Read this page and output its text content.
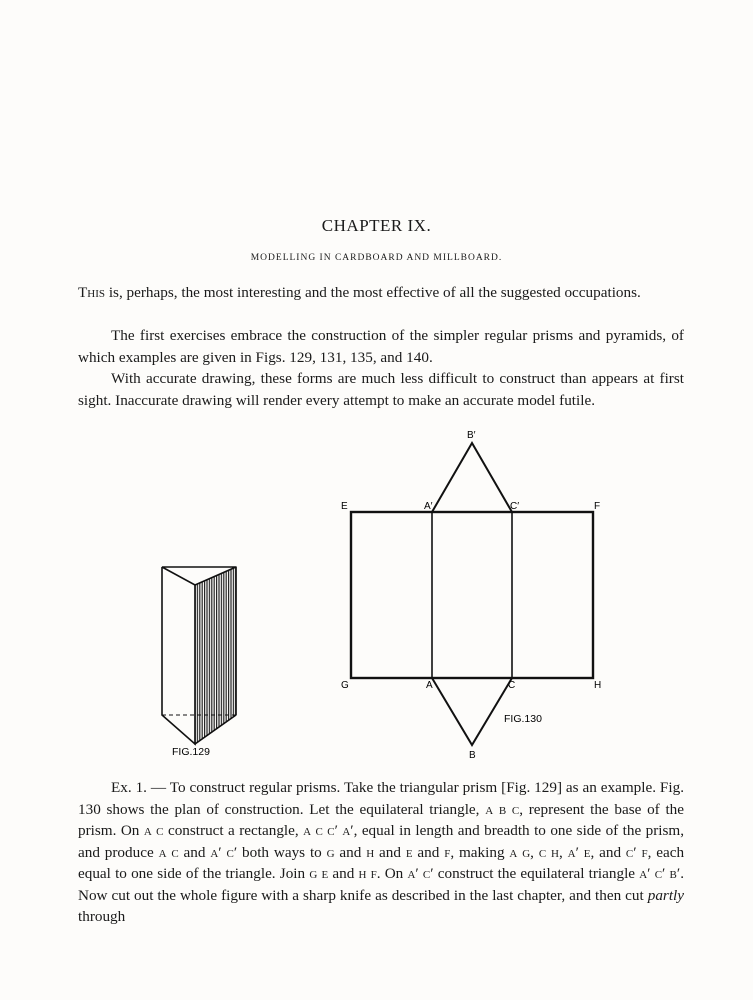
CHAPTER IX.
MODELLING IN CARDBOARD AND MILLBOARD.
This is, perhaps, the most interesting and the most effective of all the suggested occupations.
The first exercises embrace the construction of the simpler regular prisms and pyramids, of which examples are given in Figs. 129, 131, 135, and 140.
With accurate drawing, these forms are much less difficult to construct than appears at first sight. Inaccurate drawing will render every attempt to make an accurate model futile.
FIG.129
B′
E	A′	C′	F
G	A	C	H
B
FIG.130
Ex. 1. — To construct regular prisms. Take the triangular prism [Fig. 129] as an example. Fig. 130 shows the plan of construction. Let the equilateral triangle, a b c, represent the base of the prism. On a c construct a rectangle, a c c′ a′, equal in length and breadth to one side of the prism, and produce a c and a′ c′ both ways to g and h and e and f, making a g, c h, a′ e, and c′ f, each equal to one side of the triangle. Join g e and h f. On a′ c′ construct the equilateral triangle a′ c′ b′. Now cut out the whole figure with a sharp knife as described in the last chapter, and then cut partly through
